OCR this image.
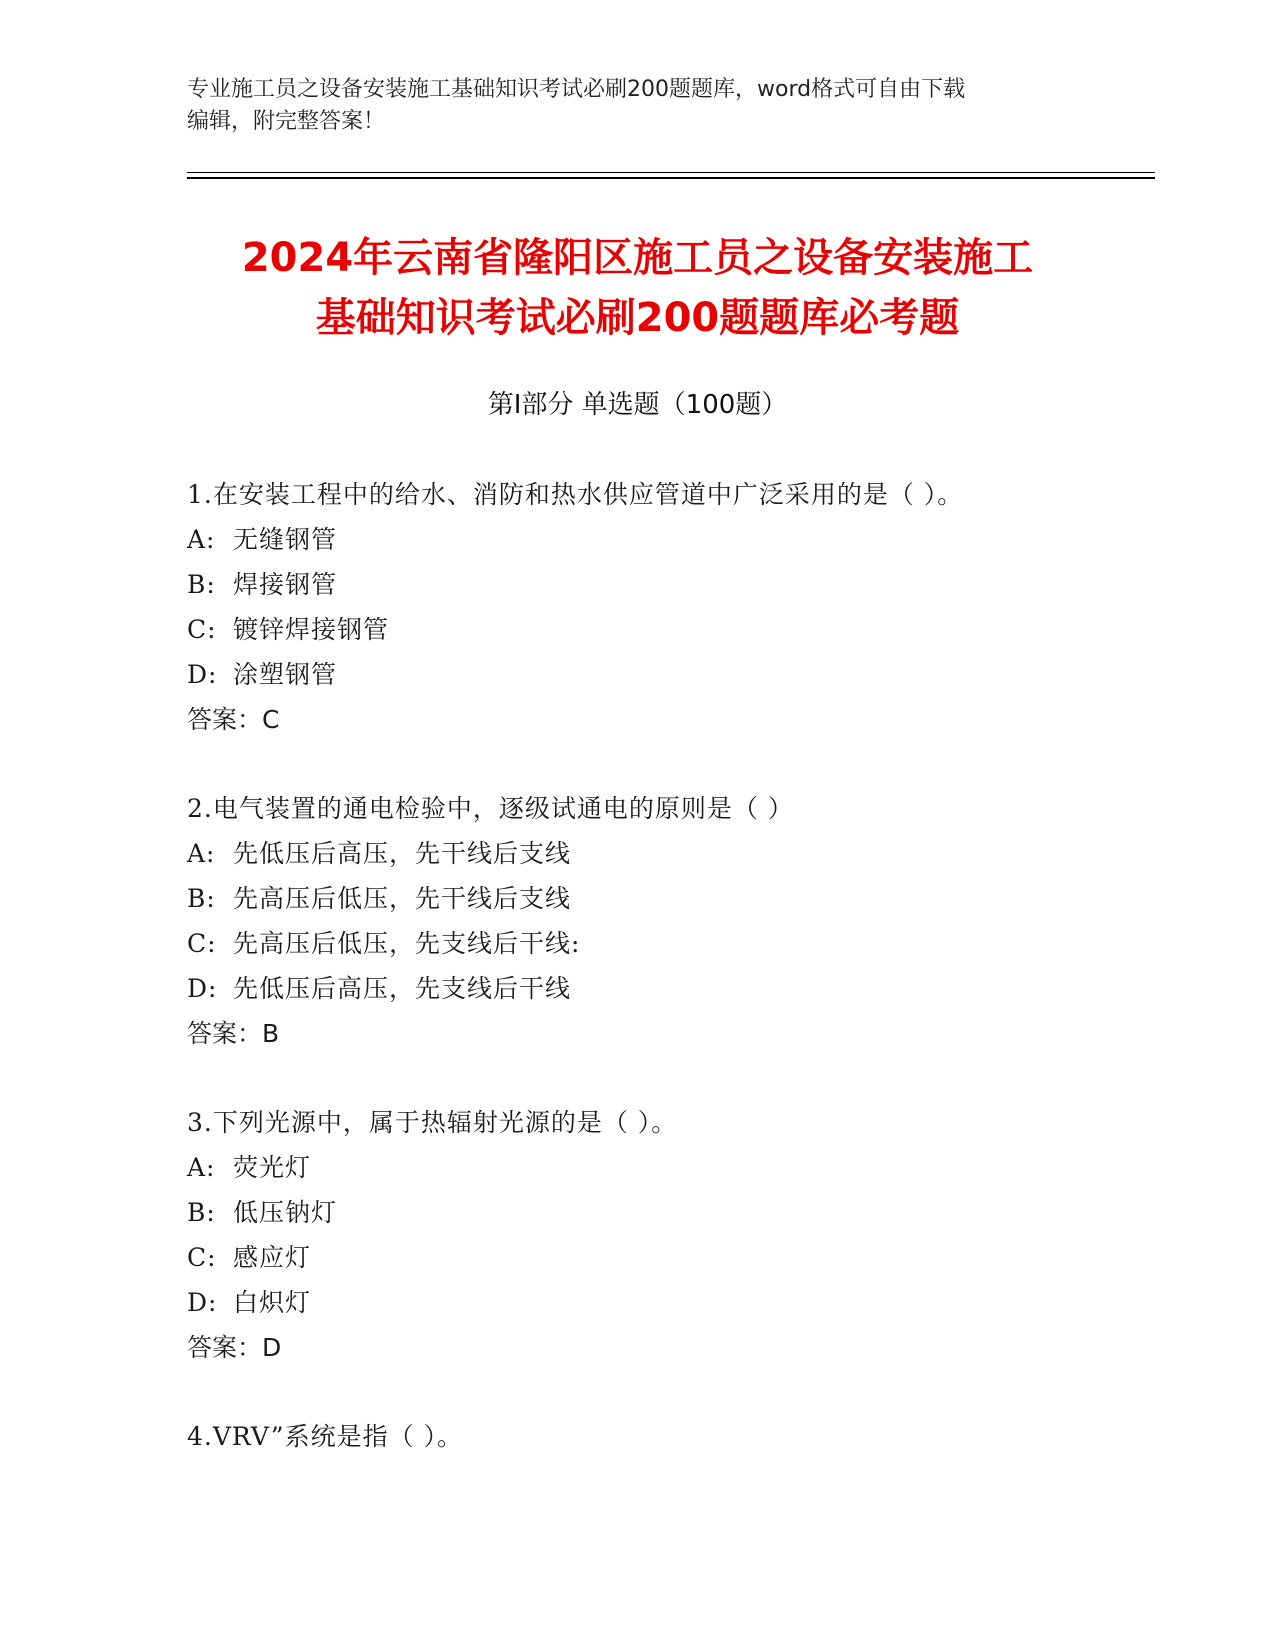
专业施工员之设备安装施工基础知识考试必刷200题题库，word格式可自由下载
编辑，附完整答案！
2024年云南省隆阳区施工员之设备安装施工
基础知识考试必刷200题题库必考题
第Ⅰ部分 单选题（100题）
1.在安装工程中的给水、消防和热水供应管道中广泛采用的是（ ）。
A: 无缝钢管
B: 焊接钢管
C: 镀锌焊接钢管
D: 涂塑钢管
答案：C
2.电气装置的通电检验中，逐级试通电的原则是（ ）
A: 先低压后高压，先干线后支线
B: 先高压后低压，先干线后支线
C: 先高压后低压，先支线后干线:
D: 先低压后高压，先支线后干线
答案：B
3.下列光源中，属于热辐射光源的是（ ）。
A: 荧光灯
B: 低压钠灯
C: 感应灯
D: 白炽灯
答案：D
4.VRV”系统是指（ ）。
